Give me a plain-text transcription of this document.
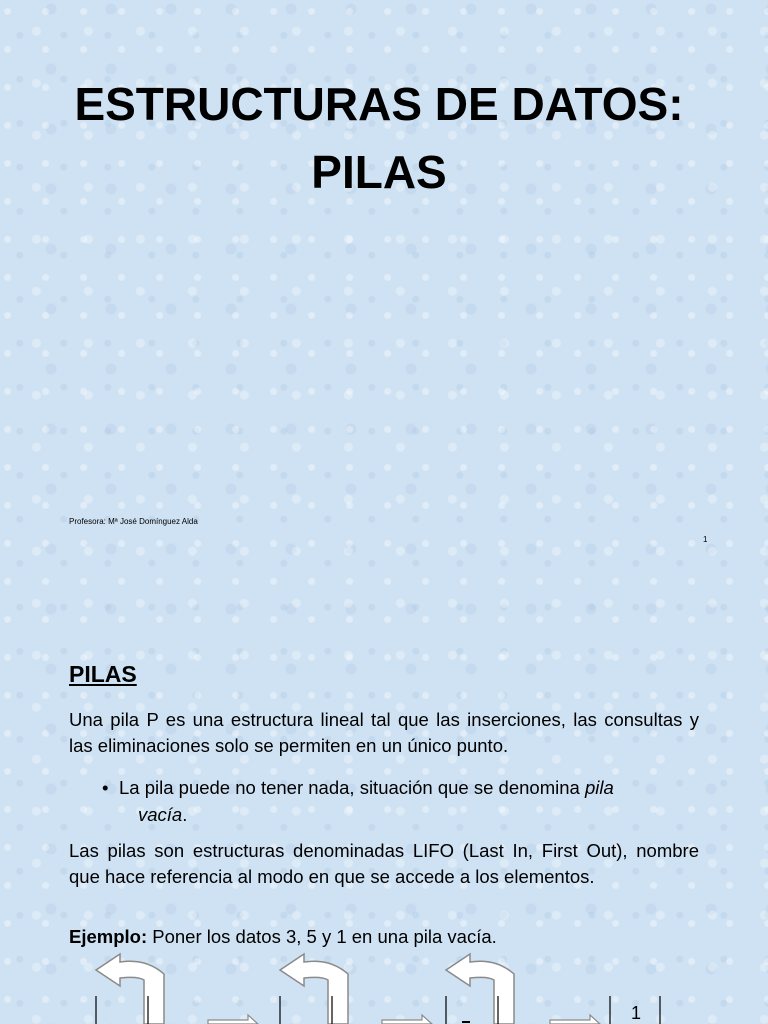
ESTRUCTURAS DE DATOS:
PILAS

Profesora: Mª José Domínguez Alda

1

PILAS

Una pila P es una estructura lineal tal que las inserciones, las consultas y las eliminaciones solo se permiten en un único punto.

• La pila puede no tener nada, situación que se denomina pila
vacía.

Las pilas son estructuras denominadas LIFO (Last In, First Out), nombre que hace referencia al modo en que se accede a los elementos.

Ejemplo: Poner los datos 3, 5 y 1 en una pila vacía.

1
